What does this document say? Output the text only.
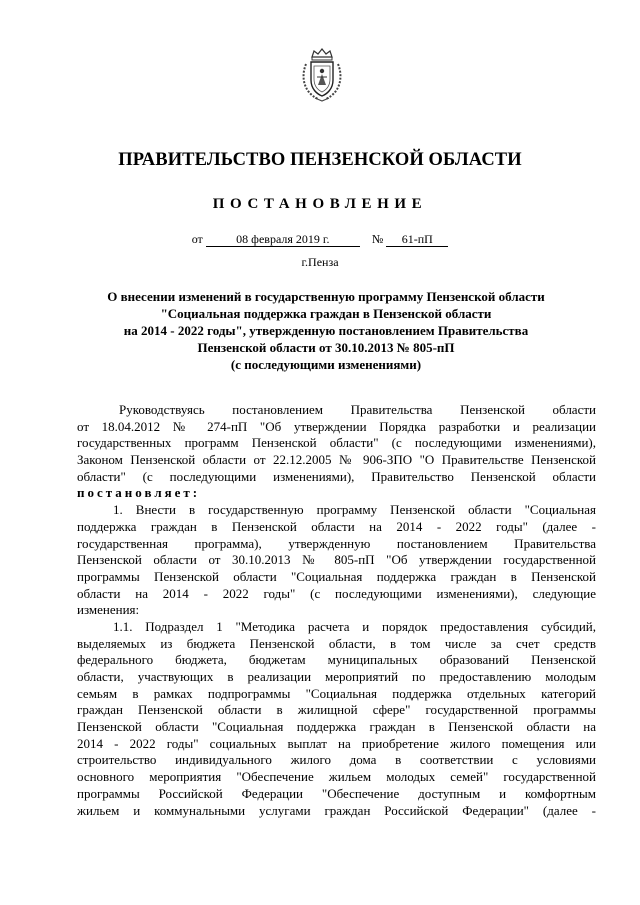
ПРАВИТЕЛЬСТВО ПЕНЗЕНСКОЙ ОБЛАСТИ
ПОСТАНОВЛЕНИЕ
от	08 февраля 2019 г.	№ 61-пП
г.Пенза
О внесении изменений в государственную программу Пензенской области
"Социальная поддержка граждан в Пензенской области
на 2014 - 2022 годы", утвержденную постановлением Правительства
Пензенской области от 30.10.2013 № 805-пП
(с последующими изменениями)
Руководствуясь постановлением Правительства Пензенской области
от 18.04.2012 № 274-пП "Об утверждении Порядка разработки и реализации
государственных программ Пензенской области" (с последующими изменениями),
Законом Пензенской области от 22.12.2005 № 906-ЗПО "О Правительстве Пензенской
области" (с последующими изменениями), Правительство Пензенской области
постановляет:
1. Внести в государственную программу Пензенской области "Социальная
поддержка граждан в Пензенской области на 2014 - 2022 годы" (далее -
государственная программа), утвержденную постановлением Правительства
Пензенской области от 30.10.2013 № 805-пП "Об утверждении государственной
программы Пензенской области "Социальная поддержка граждан в Пензенской
области на 2014 - 2022 годы" (с последующими изменениями), следующие
изменения:
1.1. Подраздел 1 "Методика расчета и порядок предоставления субсидий,
выделяемых из бюджета Пензенской области, в том числе за счет средств
федерального бюджета, бюджетам муниципальных образований Пензенской
области, участвующих в реализации мероприятий по предоставлению молодым
семьям в рамках подпрограммы "Социальная поддержка отдельных категорий
граждан Пензенской области в жилищной сфере" государственной программы
Пензенской области "Социальная поддержка граждан в Пензенской области на
2014 - 2022 годы" социальных выплат на приобретение жилого помещения или
строительство индивидуального жилого дома в соответствии с условиями
основного мероприятия "Обеспечение жильем молодых семей" государственной
программы Российской Федерации "Обеспечение доступным и комфортным
жильем и коммунальными услугами граждан Российской Федерации" (далее -
